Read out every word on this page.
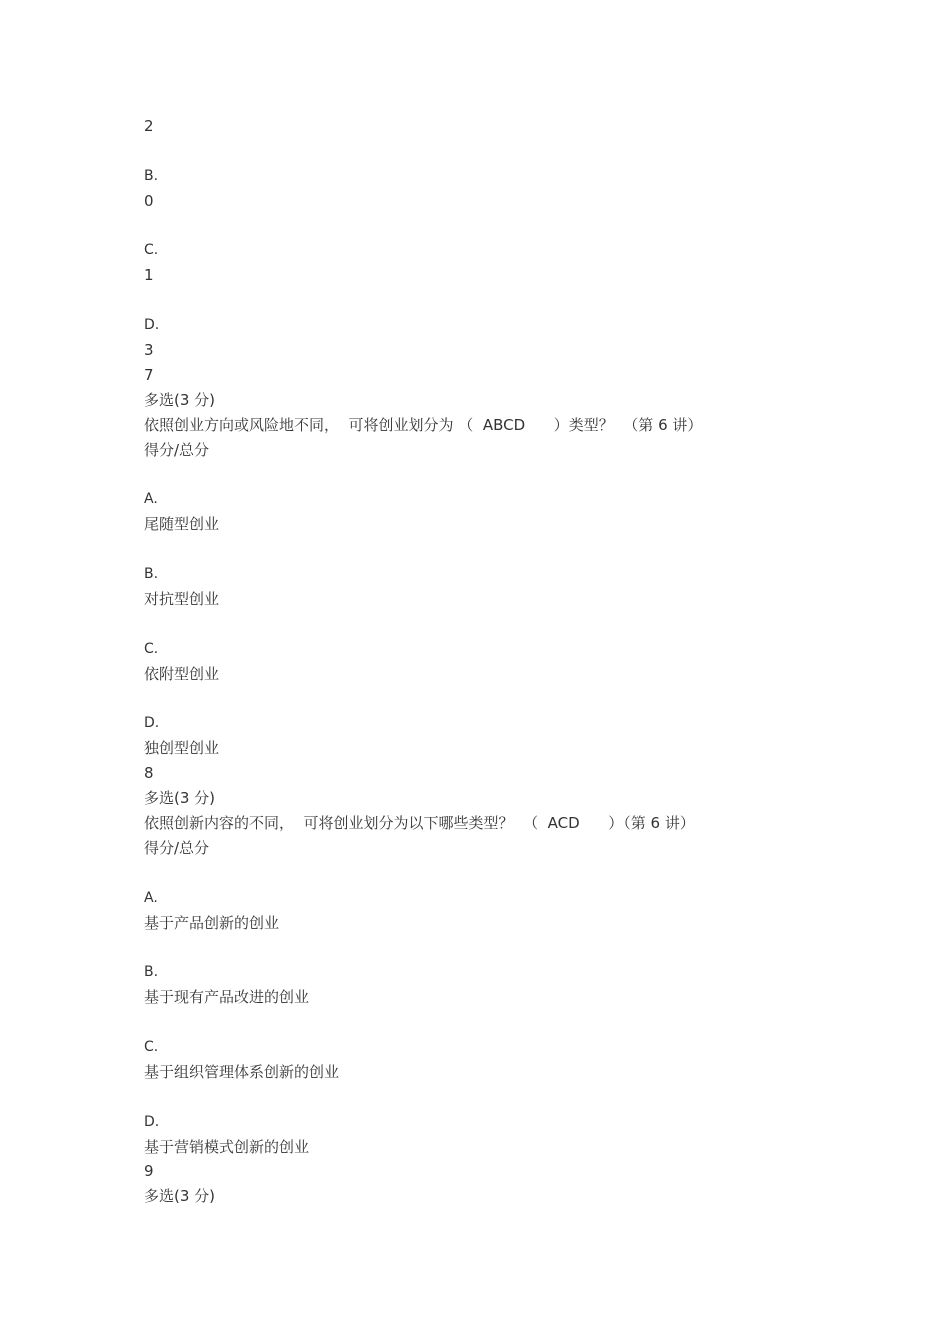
2
B.
0
C.
1
D.
3
7
多选(3 分)
依照创业方向或风险地不同，  可将创业划分为 （  ABCD      ）类型？  （第 6 讲）
得分/总分
A.
尾随型创业
B.
对抗型创业
C.
依附型创业
D.
独创型创业
8
多选(3 分)
依照创新内容的不同，  可将创业划分为以下哪些类型？  （  ACD      ）（第 6 讲）
得分/总分
A.
基于产品创新的创业
B.
基于现有产品改进的创业
C.
基于组织管理体系创新的创业
D.
基于营销模式创新的创业
9
多选(3 分)
